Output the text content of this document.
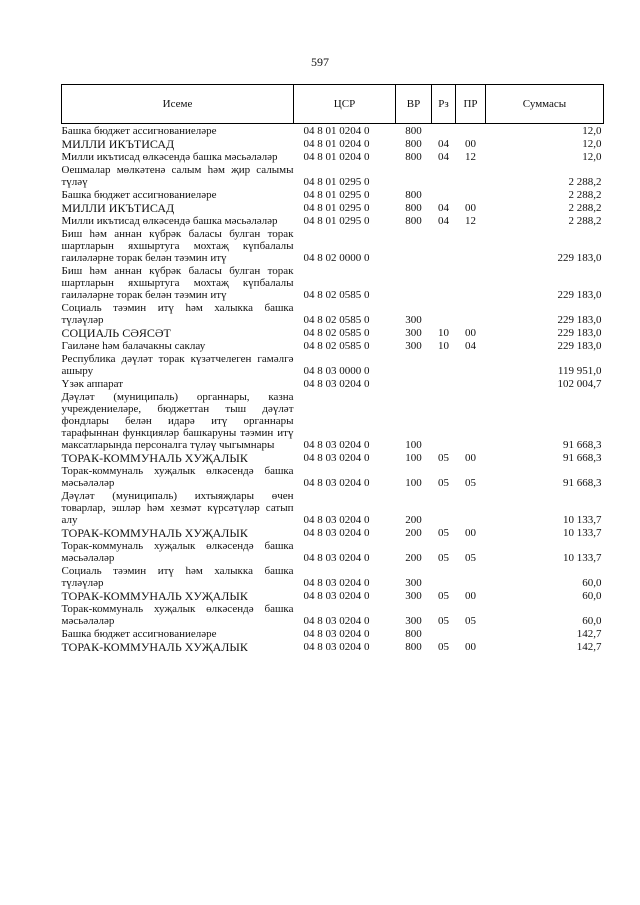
597
Исеме	ЦСР	ВР	Рз	ПР	Суммасы
Башка бюджет ассигнованиеләре	04 8 01 0204 0	800			12,0
МИЛЛИ ИКЪТИСАД	04 8 01 0204 0	800	04	00	12,0
Милли икътисад өлкәсендә башка мәсьәләләр	04 8 01 0204 0	800	04	12	12,0
Оешмалар мөлкәтенә салым һәм җир салымы түләү	04 8 01 0295 0				2 288,2
Башка бюджет ассигнованиеләре	04 8 01 0295 0	800			2 288,2
МИЛЛИ ИКЪТИСАД	04 8 01 0295 0	800	04	00	2 288,2
Милли икътисад өлкәсендә башка мәсьәләләр	04 8 01 0295 0	800	04	12	2 288,2
Биш һәм аннан күбрәк баласы булган торак шартларын яхшыртуга мохтаҗ күпбалалы гаиләләрне торак белән тәэмин итү	04 8 02 0000 0				229 183,0
Биш һәм аннан күбрәк баласы булган торак шартларын яхшыртуга мохтаҗ күпбалалы гаиләләрне торак белән тәэмин итү	04 8 02 0585 0				229 183,0
Социаль тәэмин итү һәм халыкка башка түләүләр	04 8 02 0585 0	300			229 183,0
СОЦИАЛЬ СӘЯСӘТ	04 8 02 0585 0	300	10	00	229 183,0
Гаиләне һәм балачакны саклау	04 8 02 0585 0	300	10	04	229 183,0
Республика дәүләт торак күзәтчелеген гамәлгә ашыру	04 8 03 0000 0				119 951,0
Үзәк аппарат	04 8 03 0204 0				102 004,7
Дәүләт (муниципаль) органнары, казна учреждениеләре, бюджеттан тыш дәүләт фондлары белән идарә итү органнары тарафыннан функцияләр башкаруны тәэмин итү максатларында персоналга түләү чыгымнары	04 8 03 0204 0	100			91 668,3
ТОРАК-КОММУНАЛЬ ХУҖАЛЫК	04 8 03 0204 0	100	05	00	91 668,3
Торак-коммуналь хуҗалык өлкәсендә башка мәсьәләләр	04 8 03 0204 0	100	05	05	91 668,3
Дәүләт (муниципаль) ихтыяҗлары өчен товарлар, эшләр һәм хезмәт күрсәтүләр сатып алу	04 8 03 0204 0	200			10 133,7
ТОРАК-КОММУНАЛЬ ХУҖАЛЫК	04 8 03 0204 0	200	05	00	10 133,7
Торак-коммуналь хуҗалык өлкәсендә башка мәсьәләләр	04 8 03 0204 0	200	05	05	10 133,7
Социаль тәэмин итү һәм халыкка башка түләүләр	04 8 03 0204 0	300			60,0
ТОРАК-КОММУНАЛЬ ХУҖАЛЫК	04 8 03 0204 0	300	05	00	60,0
Торак-коммуналь хуҗалык өлкәсендә башка мәсьәләләр	04 8 03 0204 0	300	05	05	60,0
Башка бюджет ассигнованиеләре	04 8 03 0204 0	800			142,7
ТОРАК-КОММУНАЛЬ ХУҖАЛЫК	04 8 03 0204 0	800	05	00	142,7
